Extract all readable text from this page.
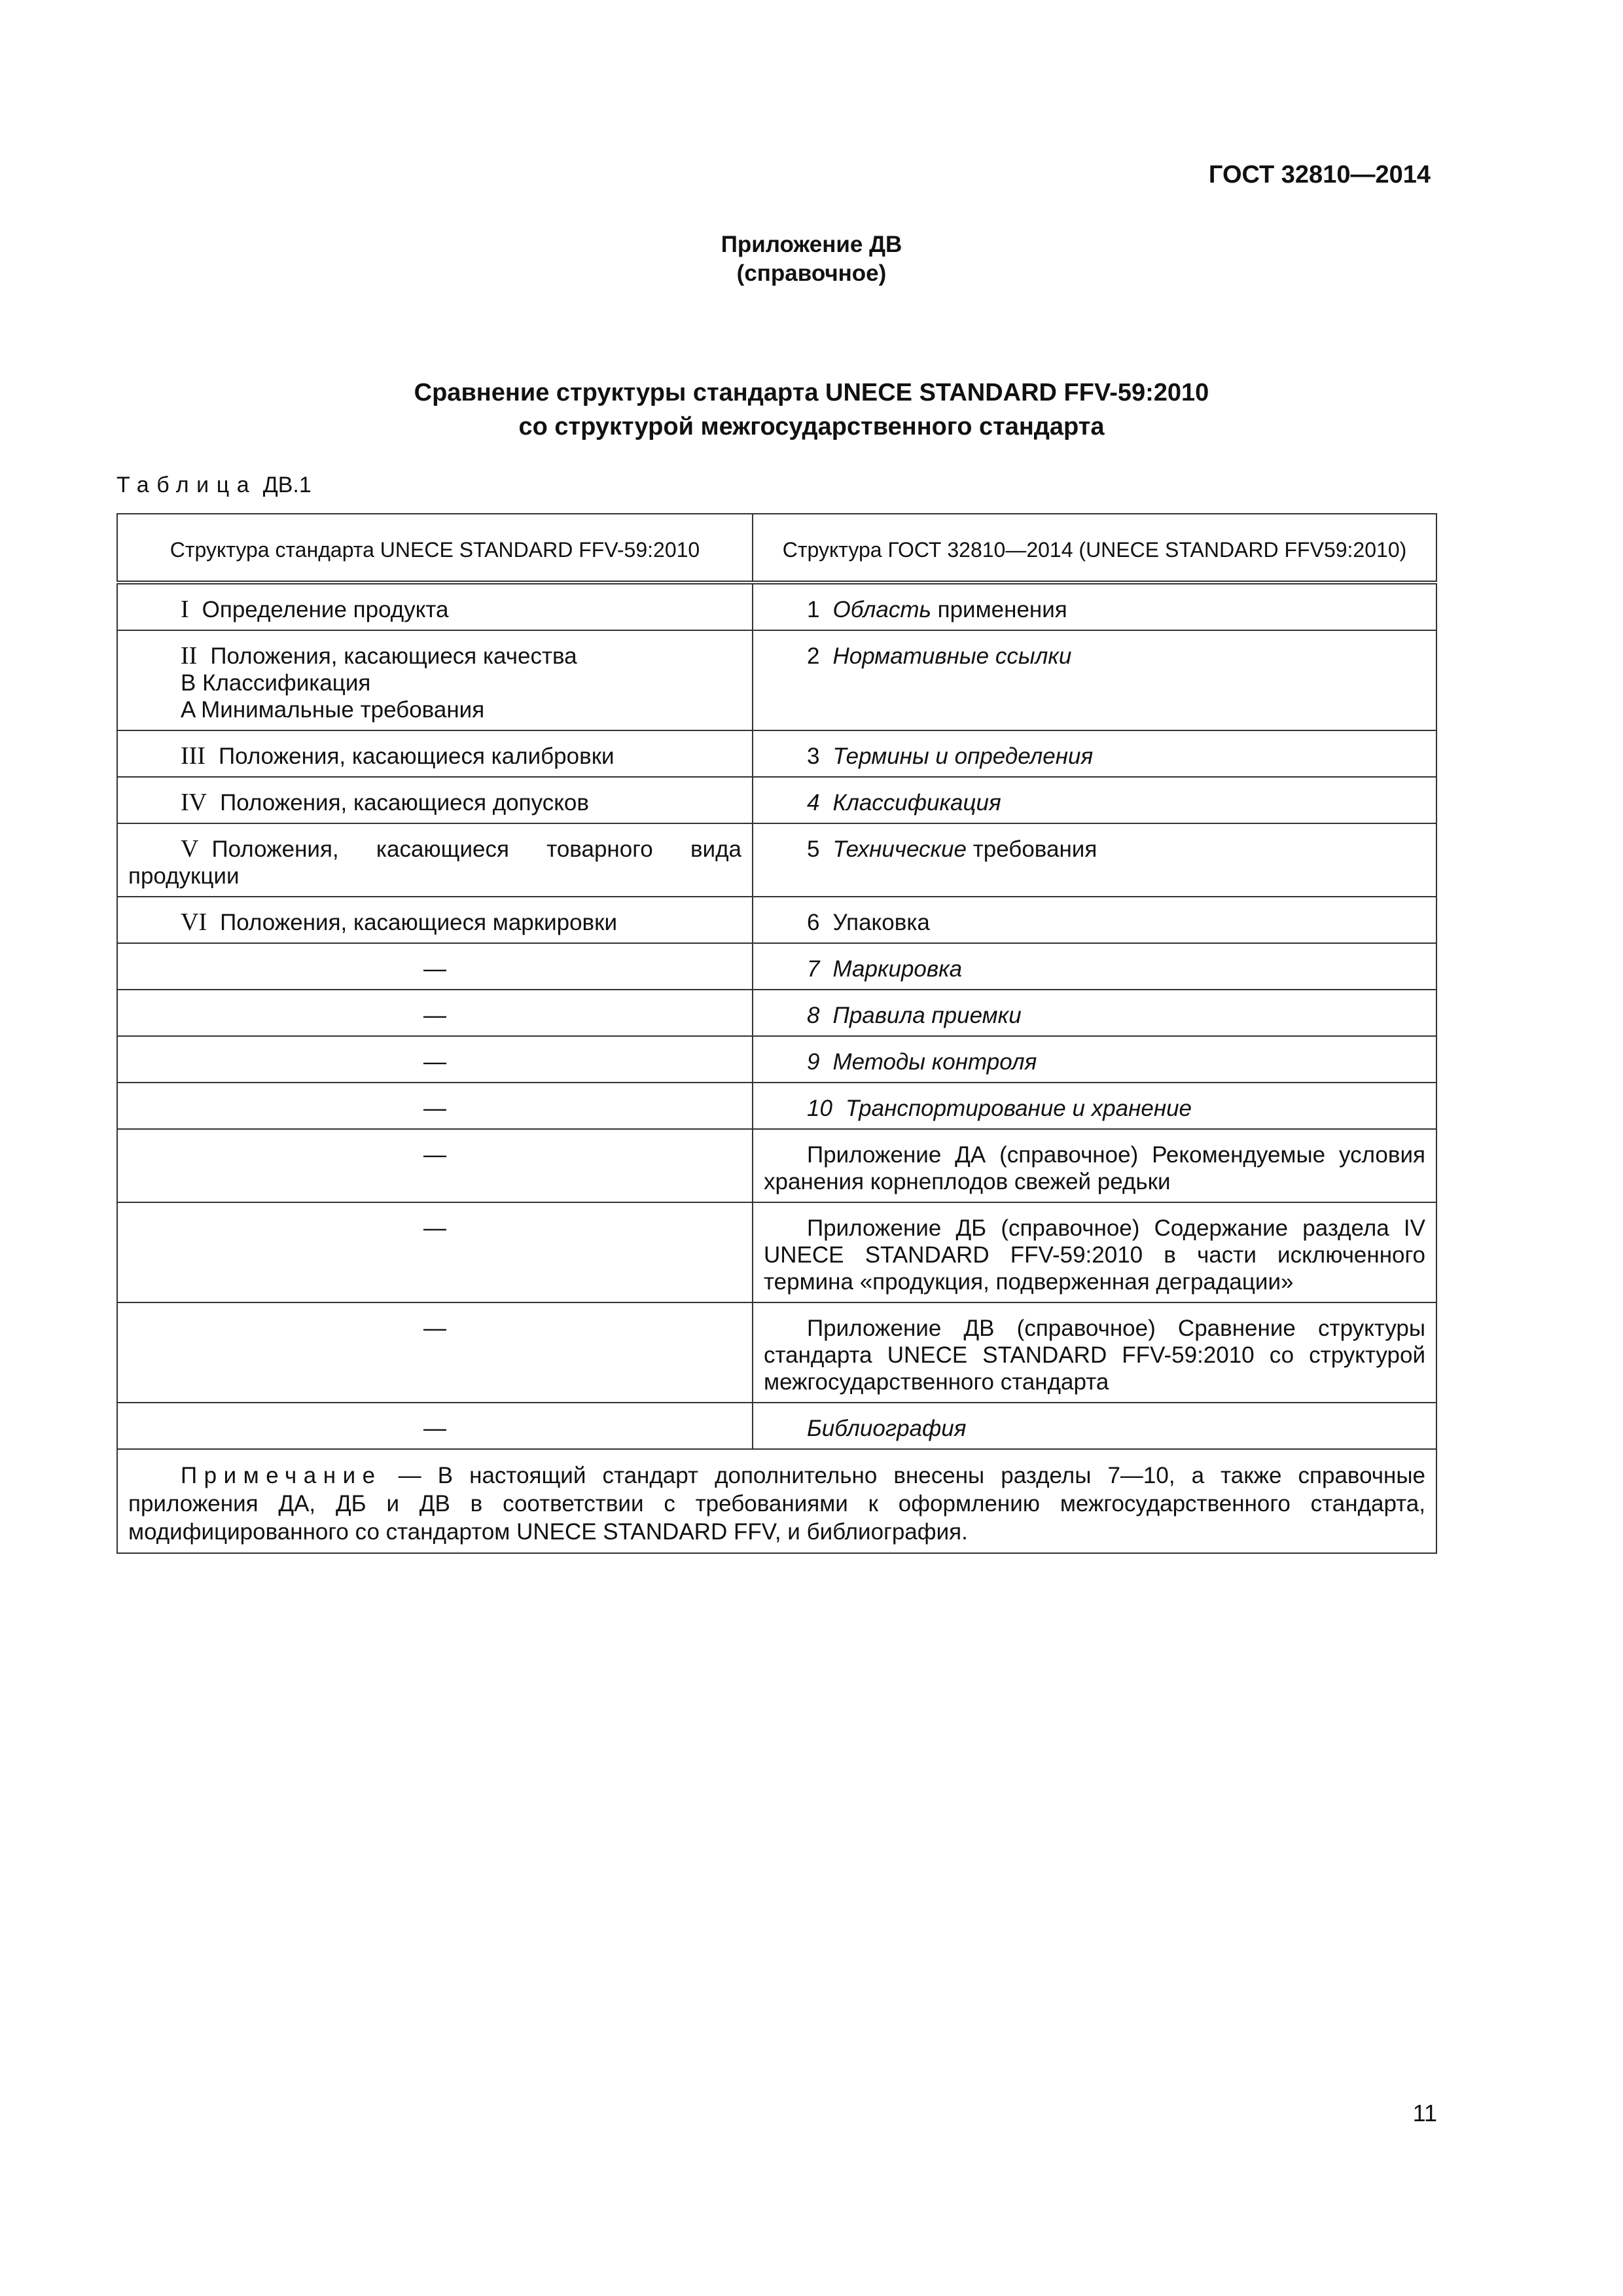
ГОСТ 32810—2014
Приложение ДВ
(справочное)
Сравнение структуры стандарта UNECE STANDARD FFV-59:2010
со структурой межгосударственного стандарта
Таблица ДВ.1
Структура стандарта UNECE STANDARD FFV-59:2010	Структура ГОСТ 32810—2014 (UNECE STANDARD FFV59:2010)

I Определение продукта	1 Область применения

II Положения, касающиеся качества
B Классификация
A Минимальные требования	2 Нормативные ссылки

III Положения, касающиеся калибровки	3 Термины и определения

IV Положения, касающиеся допусков	4 Классификация

V Положения, касающиеся товарного вида продукции	5 Технические требования

VI Положения, касающиеся маркировки	6 Упаковка

—	7 Маркировка

—	8 Правила приемки

—	9 Методы контроля

—	10 Транспортирование и хранение

—	Приложение ДА (справочное) Рекомендуемые условия хранения корнеплодов свежей редьки

—	Приложение ДБ (справочное) Содержание раздела IV UNECE STANDARD FFV-59:2010 в части исключенного термина «продукция, подверженная деградации»

—	Приложение ДВ (справочное) Сравнение структуры стандарта UNECE STANDARD FFV-59:2010 со структурой межгосударственного стандарта

—	Библиография

Примечание — В настоящий стандарт дополнительно внесены разделы 7—10, а также справочные приложения ДА, ДБ и ДВ в соответствии с требованиями к оформлению межгосударственного стандарта, модифицированного со стандартом UNECE STANDARD FFV, и библиография.	
11
